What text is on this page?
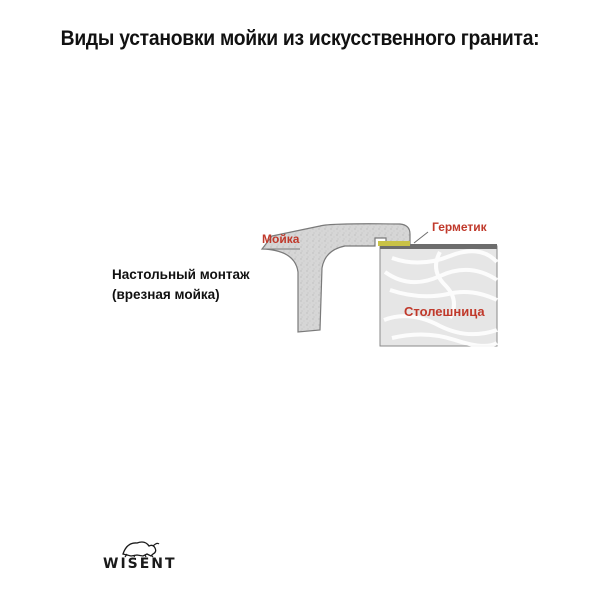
Виды установки мойки из искусственного гранита:
Настольный монтаж
(врезная мойка)
Мойка
Герметик
Столешница
WISENT
